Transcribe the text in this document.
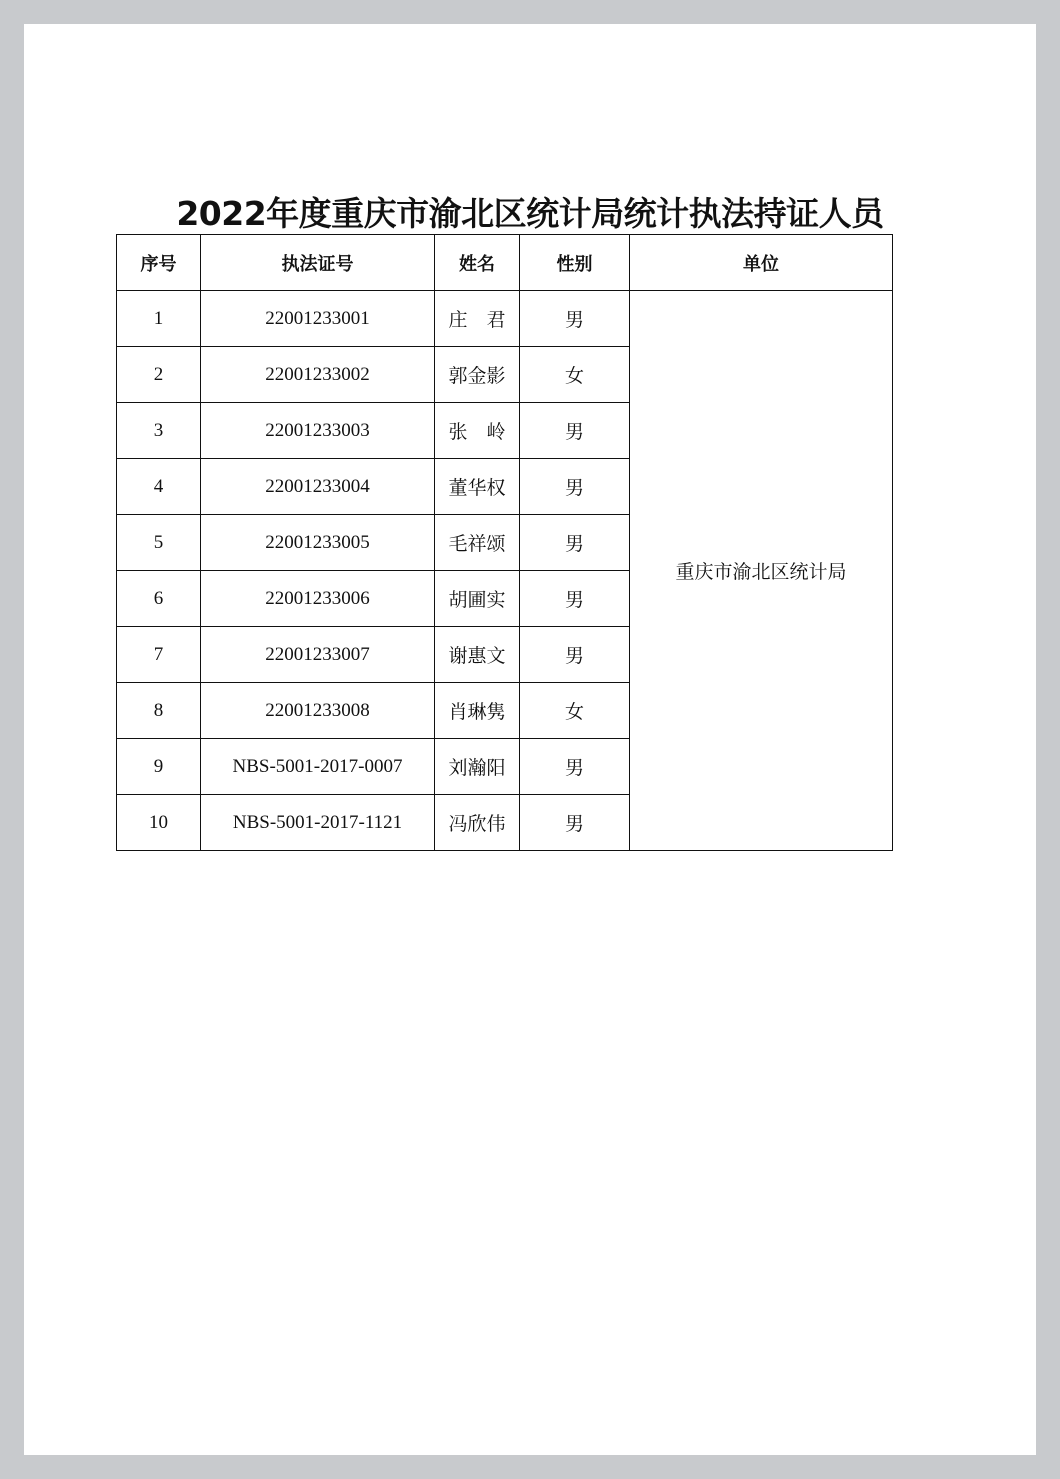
2022年度重庆市渝北区统计局统计执法持证人员
序号	执法证号	姓名	性别	单位
1	22001233001	庄　君	男	重庆市渝北区统计局
2	22001233002	郭金影	女	
3	22001233003	张　岭	男	
4	22001233004	董华权	男	
5	22001233005	毛祥颂	男	
6	22001233006	胡圃实	男	
7	22001233007	谢惠文	男	
8	22001233008	肖琳隽	女	
9	NBS-5001-2017-0007	刘瀚阳	男	
10	NBS-5001-2017-1121	冯欣伟	男	
